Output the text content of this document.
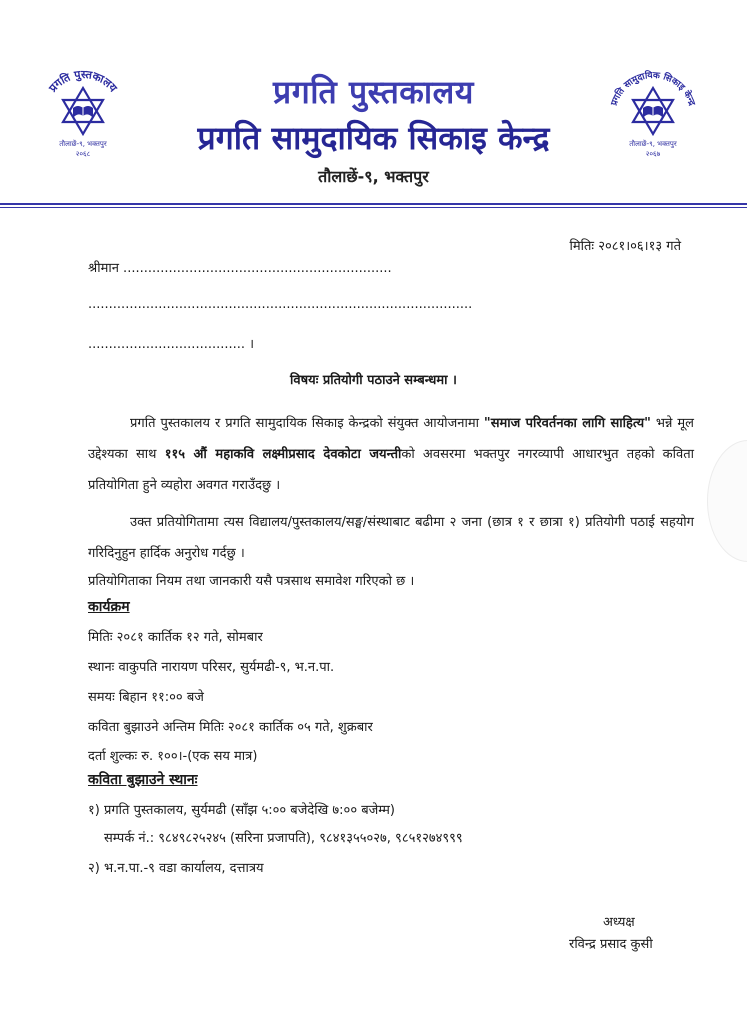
प्रगति पुस्तकालय
तौलाछें-९, भक्तपुर
२०६८
प्रगति सामुदायिक सिकाइ केन्द्र
तौलाछें-९, भक्तपुर
२०६७
प्रगति पुस्तकालय
प्रगति सामुदायिक सिकाइ केन्द्र
तौलाछें-९, भक्तपुर
मितिः २०८१।०६।१३ गते
श्रीमान .................................................................
.............................................................................................
...................................... ।
विषयः प्रतियोगी पठाउने सम्बन्धमा ।
प्रगति पुस्तकालय र प्रगति सामुदायिक सिकाइ केन्द्रको संयुक्त आयोजनामा "समाज परिवर्तनका लागि साहित्य" भन्ने मूल उद्देश्यका साथ ११५ औं महाकवि लक्ष्मीप्रसाद देवकोटा जयन्तीको अवसरमा भक्तपुर नगरव्यापी आधारभुत तहको कविता प्रतियोगिता हुने व्यहोरा अवगत गराउँदछु ।
उक्त प्रतियोगितामा त्यस विद्यालय/पुस्तकालय/सङ्घ/संस्थाबाट बढीमा २ जना (छात्र १ र छात्रा १) प्रतियोगी पठाई सहयोग गरिदिनुहुन हार्दिक अनुरोध गर्दछु ।
प्रतियोगिताका नियम तथा जानकारी यसै पत्रसाथ समावेश गरिएको छ ।
कार्यक्रम
मितिः २०८१ कार्तिक १२ गते, सोमबार
स्थानः वाकुपति नारायण परिसर, सुर्यमढी-९, भ.न.पा.
समयः बिहान ११:०० बजे
कविता बुझाउने अन्तिम मितिः २०८१ कार्तिक ०५ गते, शुक्रबार
दर्ता शुल्कः रु. १००।-(एक सय मात्र)
कविता बुझाउने स्थानः
१) प्रगति पुस्तकालय, सुर्यमढी (साँझ ५:०० बजेदेखि ७:०० बजेम्म)
सम्पर्क नं.: ९८४९८२५२४५ (सरिना प्रजापति), ९८४१३५५०२७, ९८५१२७४९९९
२) भ.न.पा.-९ वडा कार्यालय, दत्तात्रय
अध्यक्ष
रविन्द्र प्रसाद कुसी
